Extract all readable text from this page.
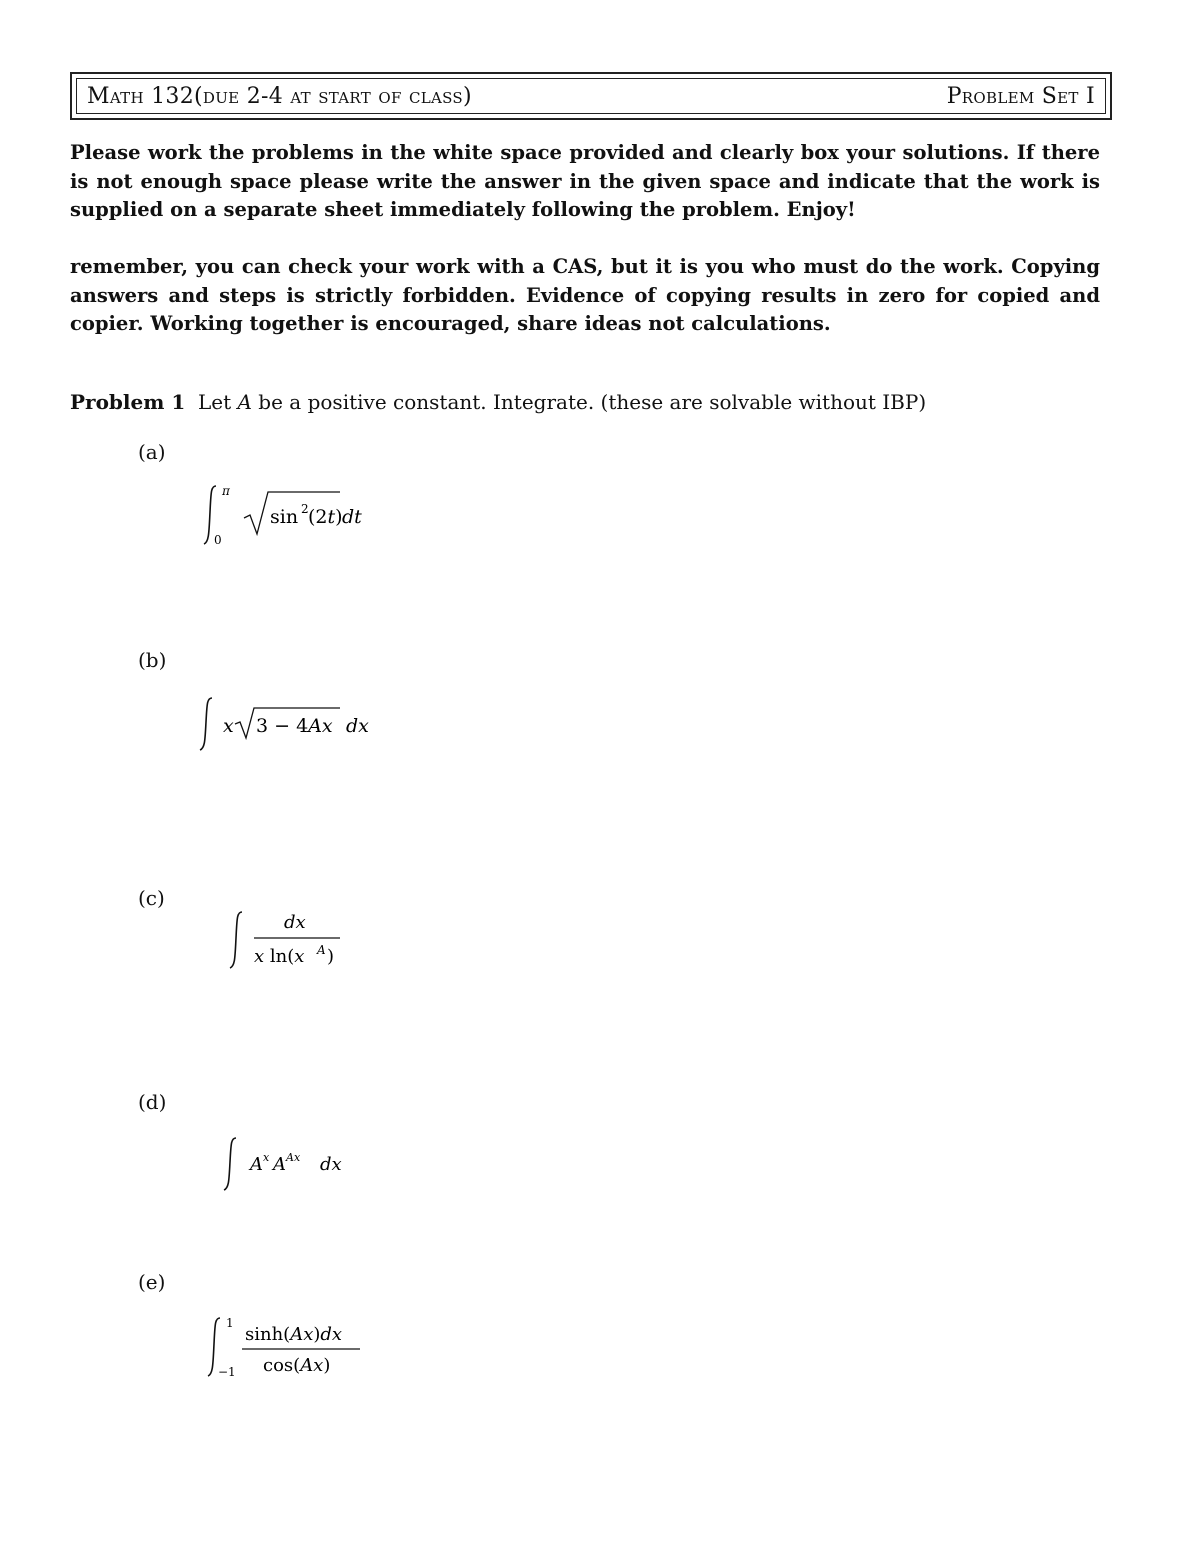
Math 132(due 2-4 at start of class)	Problem Set I
Please work the problems in the white space provided and clearly box your solutions. If there is not enough space please write the answer in the given space and indicate that the work is supplied on a separate sheet immediately following the problem. Enjoy!
remember, you can check your work with a CAS, but it is you who must do the work. Copying answers and steps is strictly forbidden. Evidence of copying results in zero for copied and copier. Working together is encouraged, share ideas not calculations.
Problem 1  Let A be a positive constant. Integrate. (these are solvable without IBP)
(a)
π
0
sin 2 (2t) dt
(b)
x 3 − 4Ax dx
(c)
dx
x ln(x A )
(d)
A x A Ax dx
(e)
1
−1
sinh(Ax)dx
cos(Ax)
